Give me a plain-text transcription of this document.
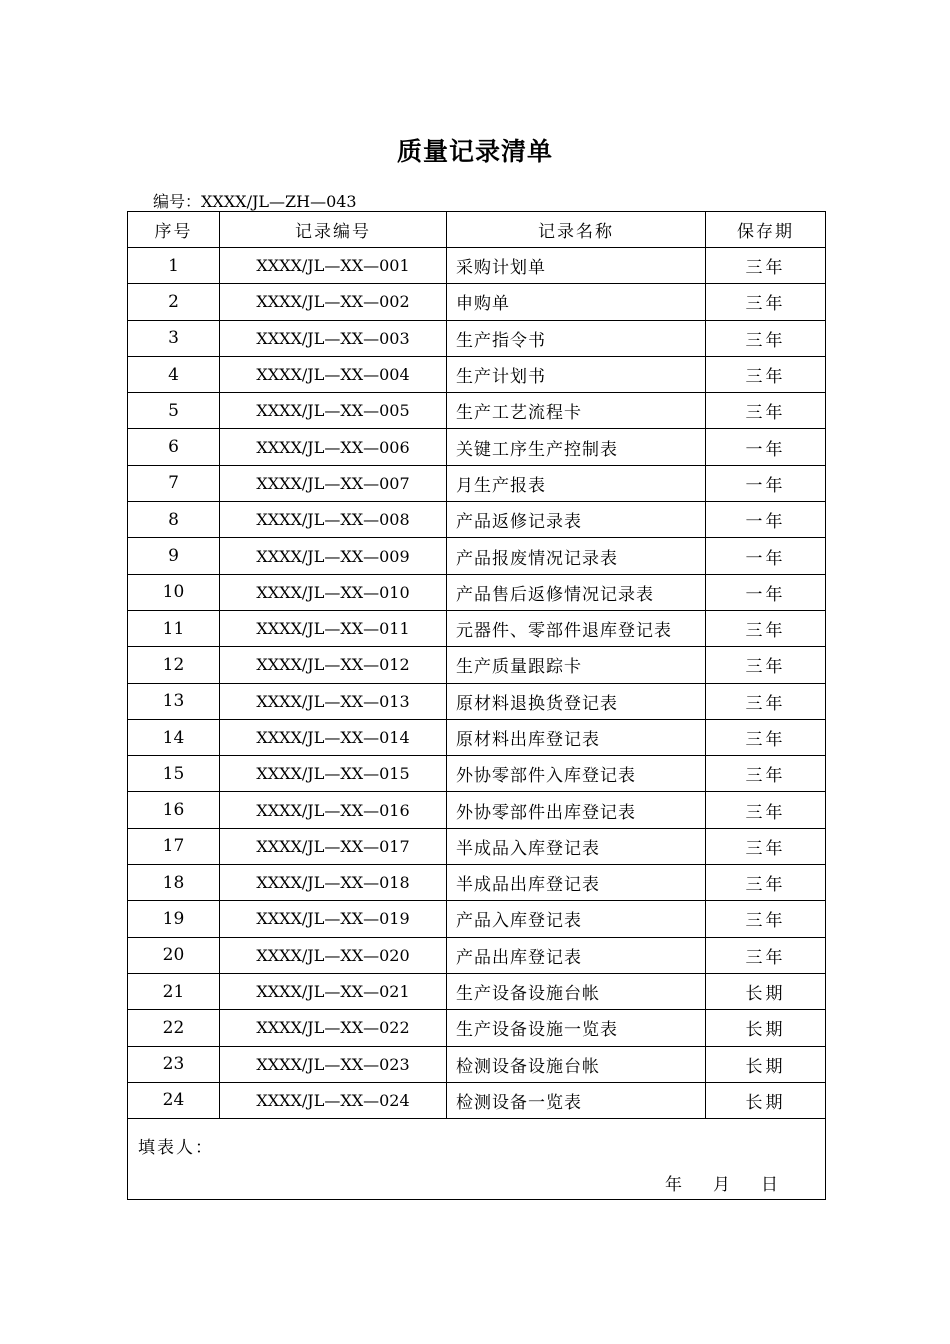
质量记录清单
编号：XXXX/JL—ZH—043
序号	记录编号	记录名称	保存期
1	XXXX/JL—XX—001	采购计划单	三年
2	XXXX/JL—XX—002	申购单	三年
3	XXXX/JL—XX—003	生产指令书	三年
4	XXXX/JL—XX—004	生产计划书	三年
5	XXXX/JL—XX—005	生产工艺流程卡	三年
6	XXXX/JL—XX—006	关键工序生产控制表	一年
7	XXXX/JL—XX—007	月生产报表	一年
8	XXXX/JL—XX—008	产品返修记录表	一年
9	XXXX/JL—XX—009	产品报废情况记录表	一年
10	XXXX/JL—XX—010	产品售后返修情况记录表	一年
11	XXXX/JL—XX—011	元器件、零部件退库登记表	三年
12	XXXX/JL—XX—012	生产质量跟踪卡	三年
13	XXXX/JL—XX—013	原材料退换货登记表	三年
14	XXXX/JL—XX—014	原材料出库登记表	三年
15	XXXX/JL—XX—015	外协零部件入库登记表	三年
16	XXXX/JL—XX—016	外协零部件出库登记表	三年
17	XXXX/JL—XX—017	半成品入库登记表	三年
18	XXXX/JL—XX—018	半成品出库登记表	三年
19	XXXX/JL—XX—019	产品入库登记表	三年
20	XXXX/JL—XX—020	产品出库登记表	三年
21	XXXX/JL—XX—021	生产设备设施台帐	长期
22	XXXX/JL—XX—022	生产设备设施一览表	长期
23	XXXX/JL—XX—023	检测设备设施台帐	长期
24	XXXX/JL—XX—024	检测设备一览表	长期

填表人：
年 月 日			
